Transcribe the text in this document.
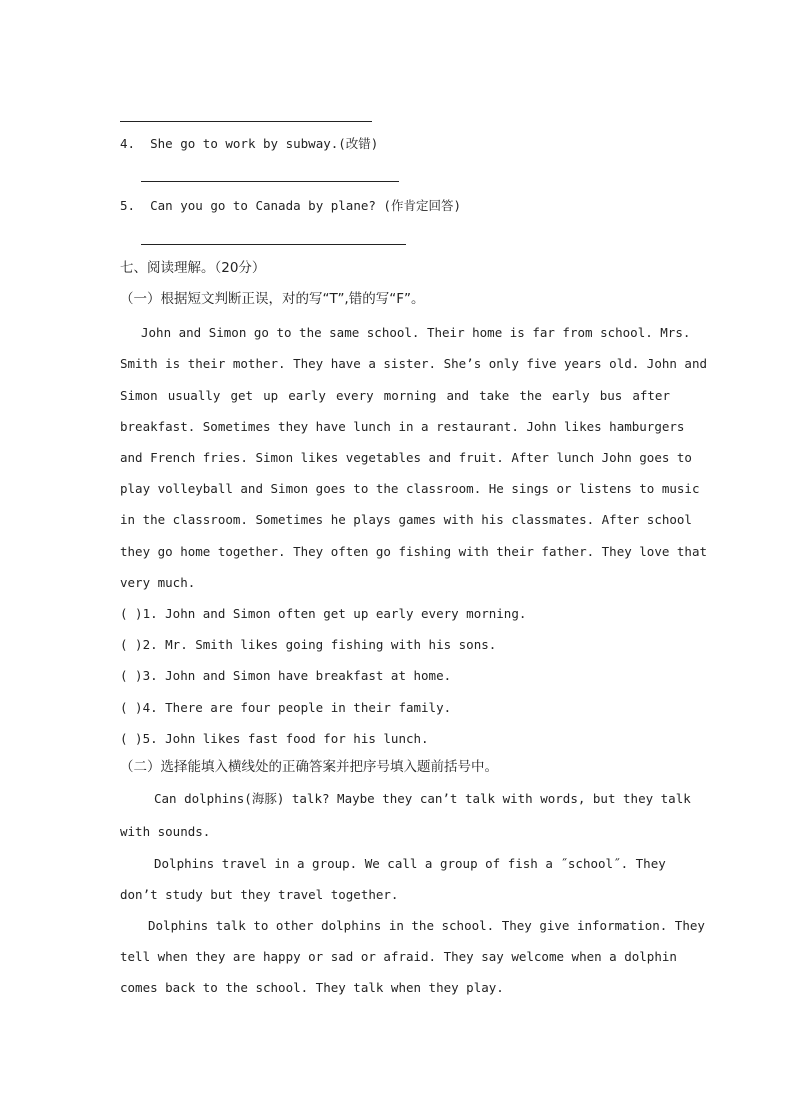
4. She go to work by subway.(改错)
5. Can you go to Canada by plane? (作肯定回答)
七、阅读理解。（20分）
（一）根据短文判断正误，对的写“T”,错的写“F”。
John and Simon go to the same school. Their home is far from school. Mrs.
Smith is their mother. They have a sister. She’s only five years old. John and
Simon usually get up early every morning and take the early bus after
breakfast. Sometimes they have lunch in a restaurant. John likes hamburgers
and French fries. Simon likes vegetables and fruit. After lunch John goes to
play volleyball and Simon goes to the classroom. He sings or listens to music
in the classroom. Sometimes he plays games with his classmates. After school
they go home together. They often go fishing with their father. They love that
very much.
( )1. John and Simon often get up early every morning.
( )2. Mr. Smith likes going fishing with his sons.
( )3. John and Simon have breakfast at home.
( )4. There are four people in their family.
( )5. John likes fast food for his lunch.
（二）选择能填入横线处的正确答案并把序号填入题前括号中。
Can dolphins(海豚) talk? Maybe they can’t talk with words, but they talk
with sounds.
Dolphins travel in a group. We call a group of fish a ˝school˝. They
don’t study but they travel together.
Dolphins talk to other dolphins in the school. They give information. They
tell when they are happy or sad or afraid. They say welcome when a dolphin
comes back to the school. They talk when they play.
